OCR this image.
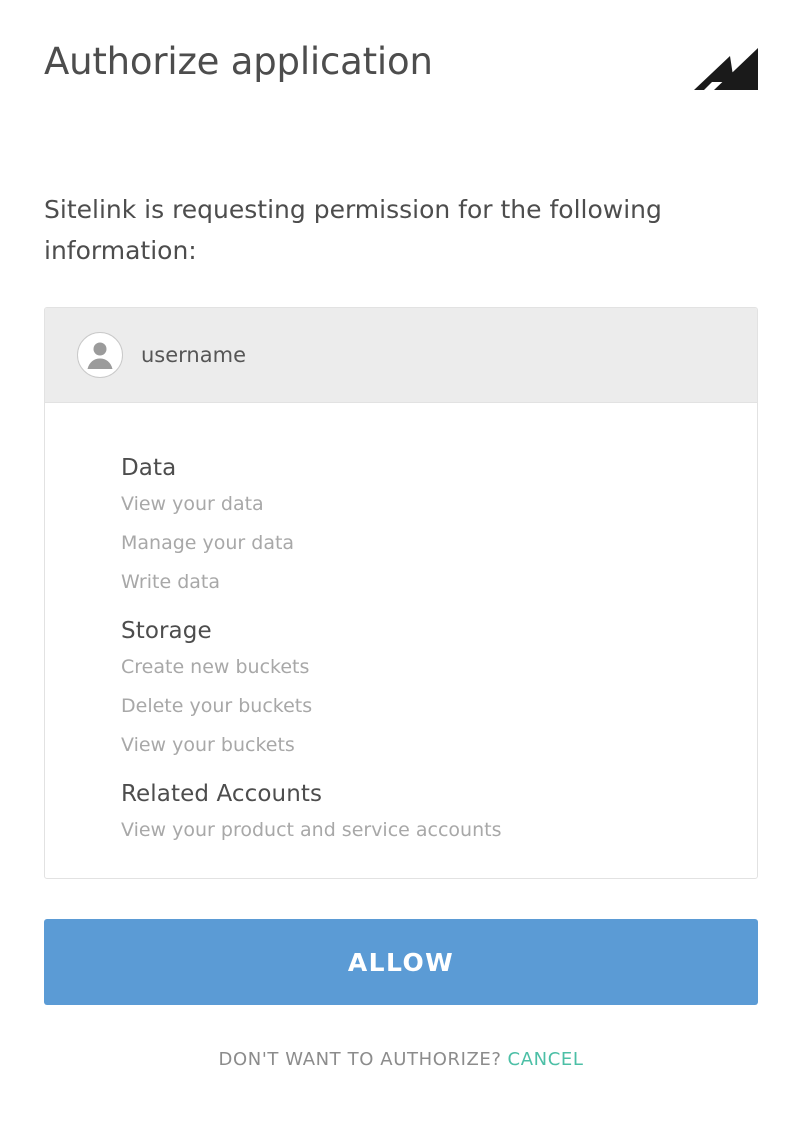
Authorize application

Sitelink is requesting permission for the following information:

username
Data

View your data

Manage your data

Write data

Storage

Create new buckets

Delete your buckets

View your buckets

Related Accounts

View your product and service accounts

ALLOW
DON'T WANT TO AUTHORIZE? CANCEL
